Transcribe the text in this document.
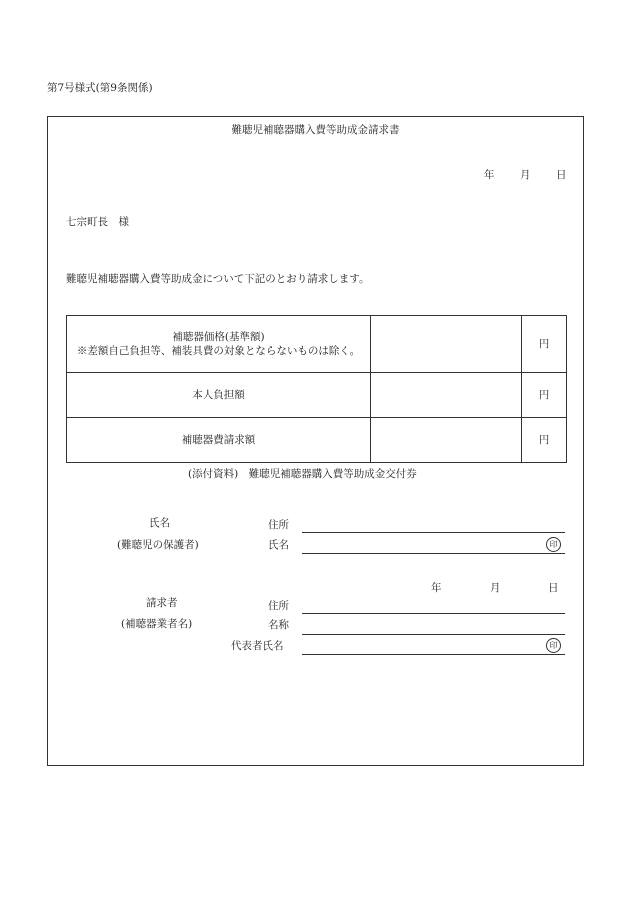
第7号様式(第9条関係)
難聴児補聴器購入費等助成金請求書
年 月 日
七宗町長　様
難聴児補聴器購入費等助成金について下記のとおり請求します。
補聴器価格(基準額)
※差額自己負担等、補装具費の対象とならないものは除く。		円
本人負担額		円
補聴器費請求額		円
(添付資料)　難聴児補聴器購入費等助成金交付券
氏名
(難聴児の保護者)
住所
氏名	印
年	月	日
請求者
(補聴器業者名)
住所
名称
代表者氏名	印
